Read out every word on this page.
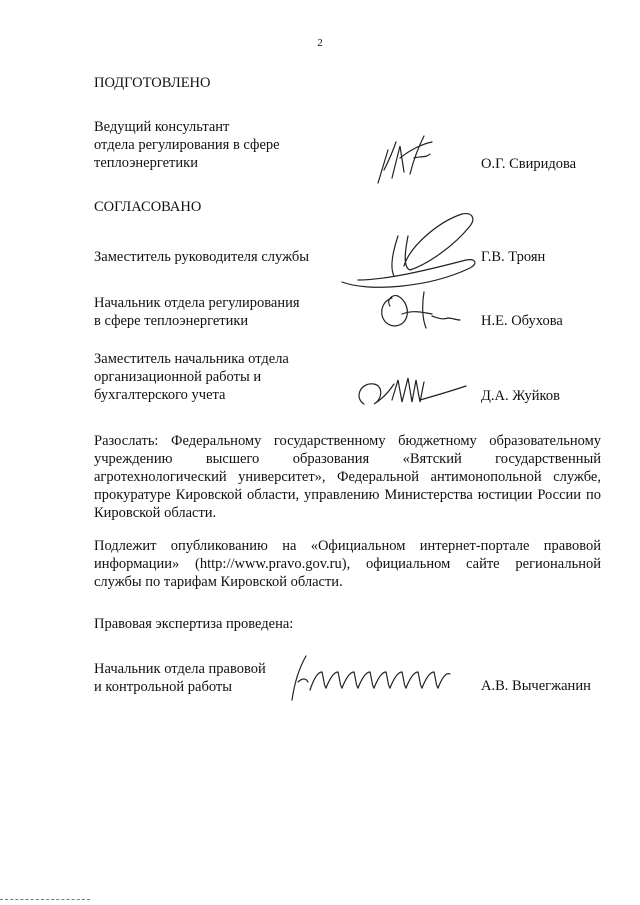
2
ПОДГОТОВЛЕНО
Ведущий консультант
отдела регулирования в сфере
теплоэнергетики	О.Г. Свиридова
СОГЛАСОВАНО
Заместитель руководителя службы	Г.В. Троян
Начальник отдела регулирования
в сфере теплоэнергетики	Н.Е. Обухова
Заместитель начальника отдела
организационной работы и
бухгалтерского учета	Д.А. Жуйков
Разослать: Федеральному государственному бюджетному образовательному учреждению высшего образования «Вятский государственный агротехнологический университет», Федеральной антимонопольной службе, прокуратуре Кировской области, управлению Министерства юстиции России по Кировской области.
Подлежит опубликованию на «Официальном интернет-портале правовой информации» (http://www.pravo.gov.ru), официальном сайте региональной службы по тарифам Кировской области.
Правовая экспертиза проведена:
Начальник отдела правовой
и контрольной работы	А.В. Вычегжанин
